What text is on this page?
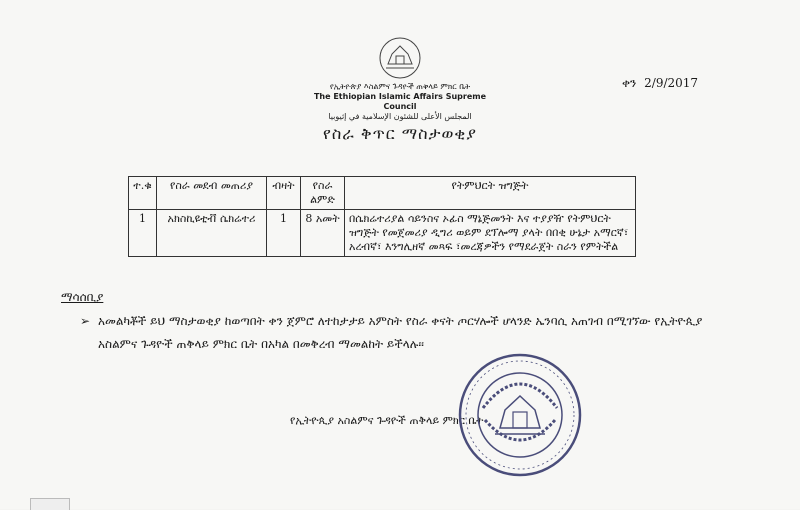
የኢትዮጵያ እስልምና ጉዳዮች ጠቅላይ ምክር ቤት
The Ethiopian Islamic Affairs Supreme Council
المجلس الأعلى للشئون الإسلامية في إثيوبيا
ቀን 2/9/2017
የስራ ቅጥር ማስታወቂያ
ተ.ቁ	የስራ መደብ መጠሪያ	ብዛት	የስራ ልምድ	የትምህርት ዝግጅት
1	አክስኪዩቲቭ ሴክሬተሪ	1	8 አመት	በሴክሬተሪያል ሳይንስና ኦፊስ ማኔጅመንት እና ተያያዥ የትምህርት ዝግጅት የመጀመሪያ ዲግሪ ወይም ደፕሎማ ያላት በበቂ ሁኔታ አማርኛ፣ አረብኛ፣ እንግሊዘኛ መጻፍ ፣መረጃዎችን የማደራጀት ስራን የምትችል
ማሳሰቢያ
➢ አመልካቾች ይህ ማስታወቂያ ከወጣበት ቀን ጀምሮ ለተከታታይ አምስት የስራ ቀናት ጦርሃሎች ሆላንድ ኤንባሲ አጠገብ በሚገኘው የኢትዮጲያ አስልምና ጉዳዮች ጠቅላይ ምክር ቤት በአካል በመቅረብ ማመልከት ይችላሉ፡፡
የኢትዮጲያ አስልምና ጉዳዮች ጠቅላይ ምክር ቤት
